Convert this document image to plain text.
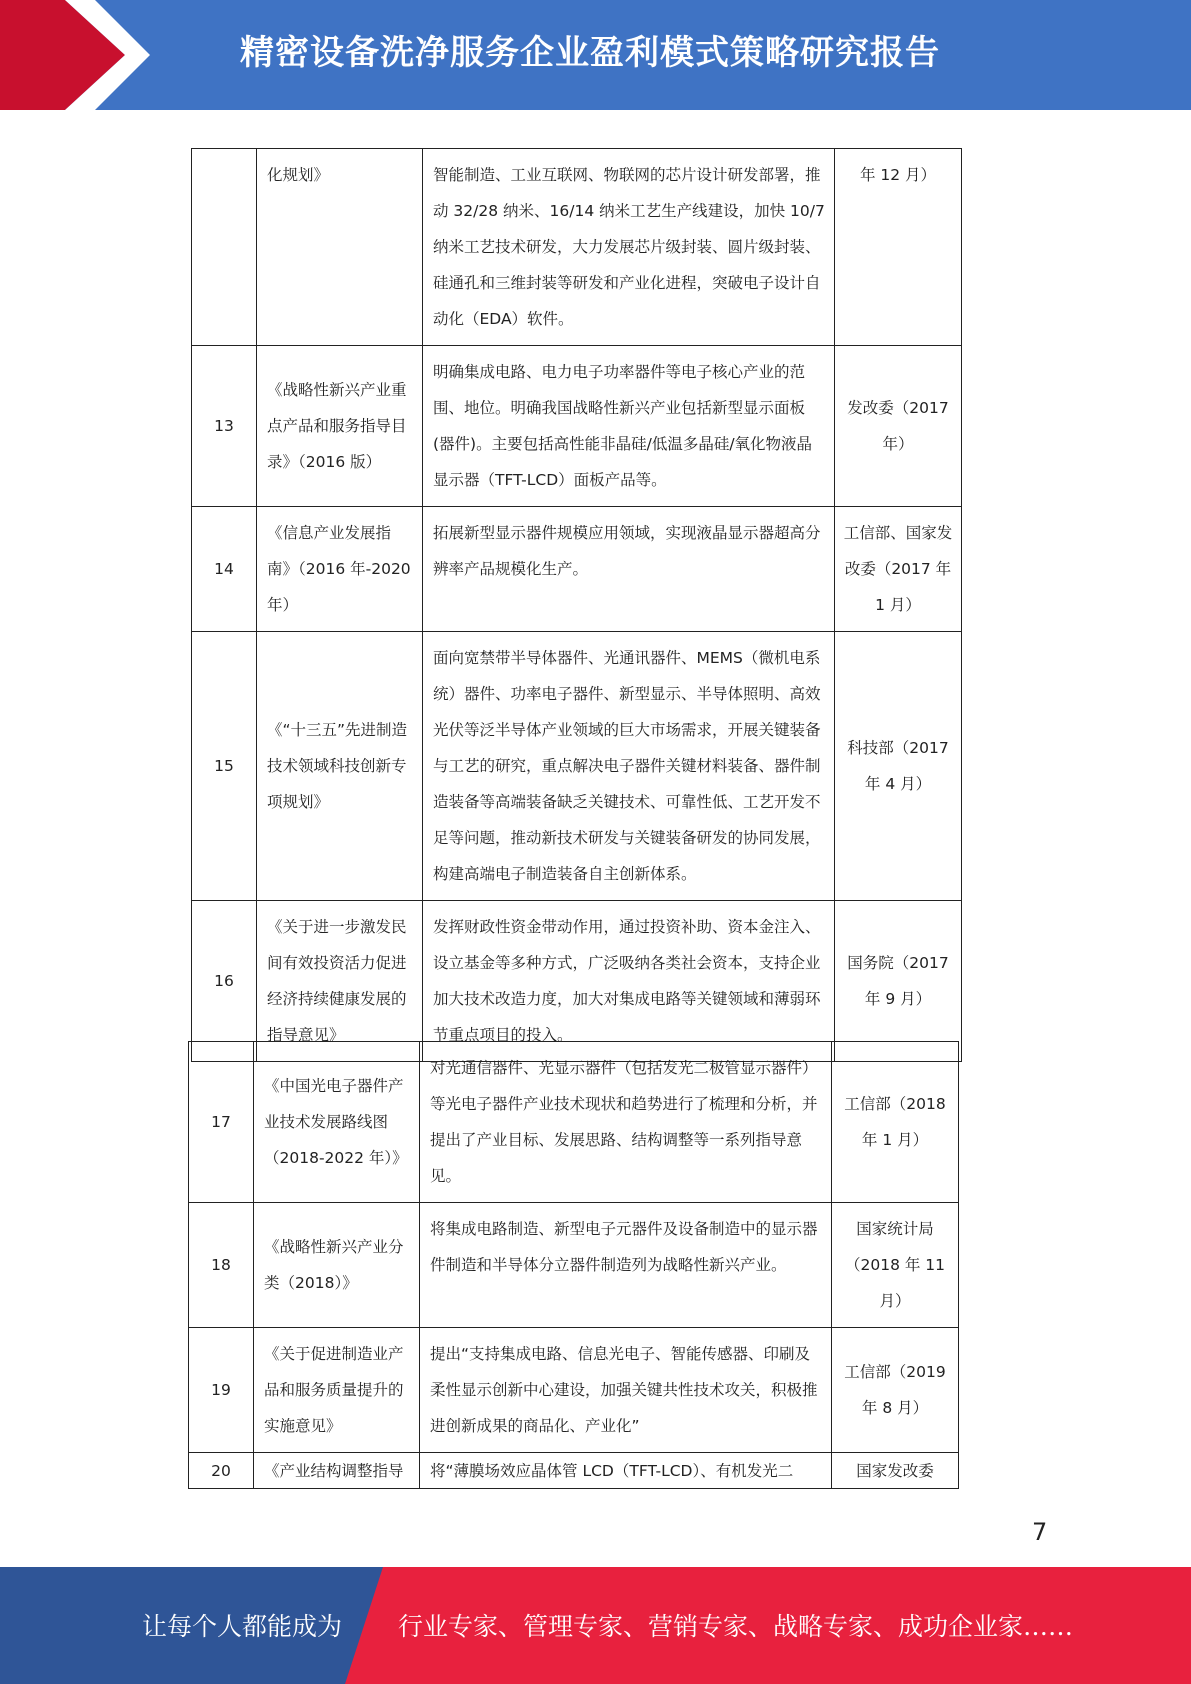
精密设备洗净服务企业盈利模式策略研究报告
	化规划》	智能制造、工业互联网、物联网的芯片设计研发部署，推动 32/28 纳米、16/14 纳米工艺生产线建设，加快 10/7 纳米工艺技术研发，大力发展芯片级封装、圆片级封装、硅通孔和三维封装等研发和产业化进程，突破电子设计自动化（EDA）软件。	年 12 月）
13	《战略性新兴产业重点产品和服务指导目录》（2016 版）	明确集成电路、电力电子功率器件等电子核心产业的范围、地位。明确我国战略性新兴产业包括新型显示面板(器件)。主要包括高性能非晶硅/低温多晶硅/氧化物液晶显示器（TFT-LCD）面板产品等。	发改委（2017 年）
14	《信息产业发展指南》（2016 年-2020 年）	拓展新型显示器件规模应用领域，实现液晶显示器超高分辨率产品规模化生产。	工信部、国家发改委（2017 年 1 月）
15	《“十三五”先进制造技术领域科技创新专项规划》	面向宽禁带半导体器件、光通讯器件、MEMS（微机电系统）器件、功率电子器件、新型显示、半导体照明、高效光伏等泛半导体产业领域的巨大市场需求，开展关键装备与工艺的研究，重点解决电子器件关键材料装备、器件制造装备等高端装备缺乏关键技术、可靠性低、工艺开发不足等问题，推动新技术研发与关键装备研发的协同发展，构建高端电子制造装备自主创新体系。	科技部（2017 年 4 月）
16	《关于进一步激发民间有效投资活力促进经济持续健康发展的指导意见》	发挥财政性资金带动作用，通过投资补助、资本金注入、设立基金等多种方式，广泛吸纳各类社会资本，支持企业加大技术改造力度，加大对集成电路等关键领域和薄弱环节重点项目的投入。	国务院（2017 年 9 月）
17	《中国光电子器件产业技术发展路线图（2018-2022 年）》	对光通信器件、光显示器件（包括发光二极管显示器件）等光电子器件产业技术现状和趋势进行了梳理和分析，并提出了产业目标、发展思路、结构调整等一系列指导意见。	工信部（2018 年 1 月）
18	《战略性新兴产业分类（2018）》	将集成电路制造、新型电子元器件及设备制造中的显示器件制造和半导体分立器件制造列为战略性新兴产业。	国家统计局（2018 年 11 月）
19	《关于促进制造业产品和服务质量提升的实施意见》	提出“支持集成电路、信息光电子、智能传感器、印刷及柔性显示创新中心建设，加强关键共性技术攻关，积极推进创新成果的商品化、产业化”	工信部（2019 年 8 月）
20	《产业结构调整指导	将“薄膜场效应晶体管 LCD（TFT-LCD）、有机发光二	国家发改委
7
让每个人都能成为 行业专家、管理专家、营销专家、战略专家、成功企业家……
